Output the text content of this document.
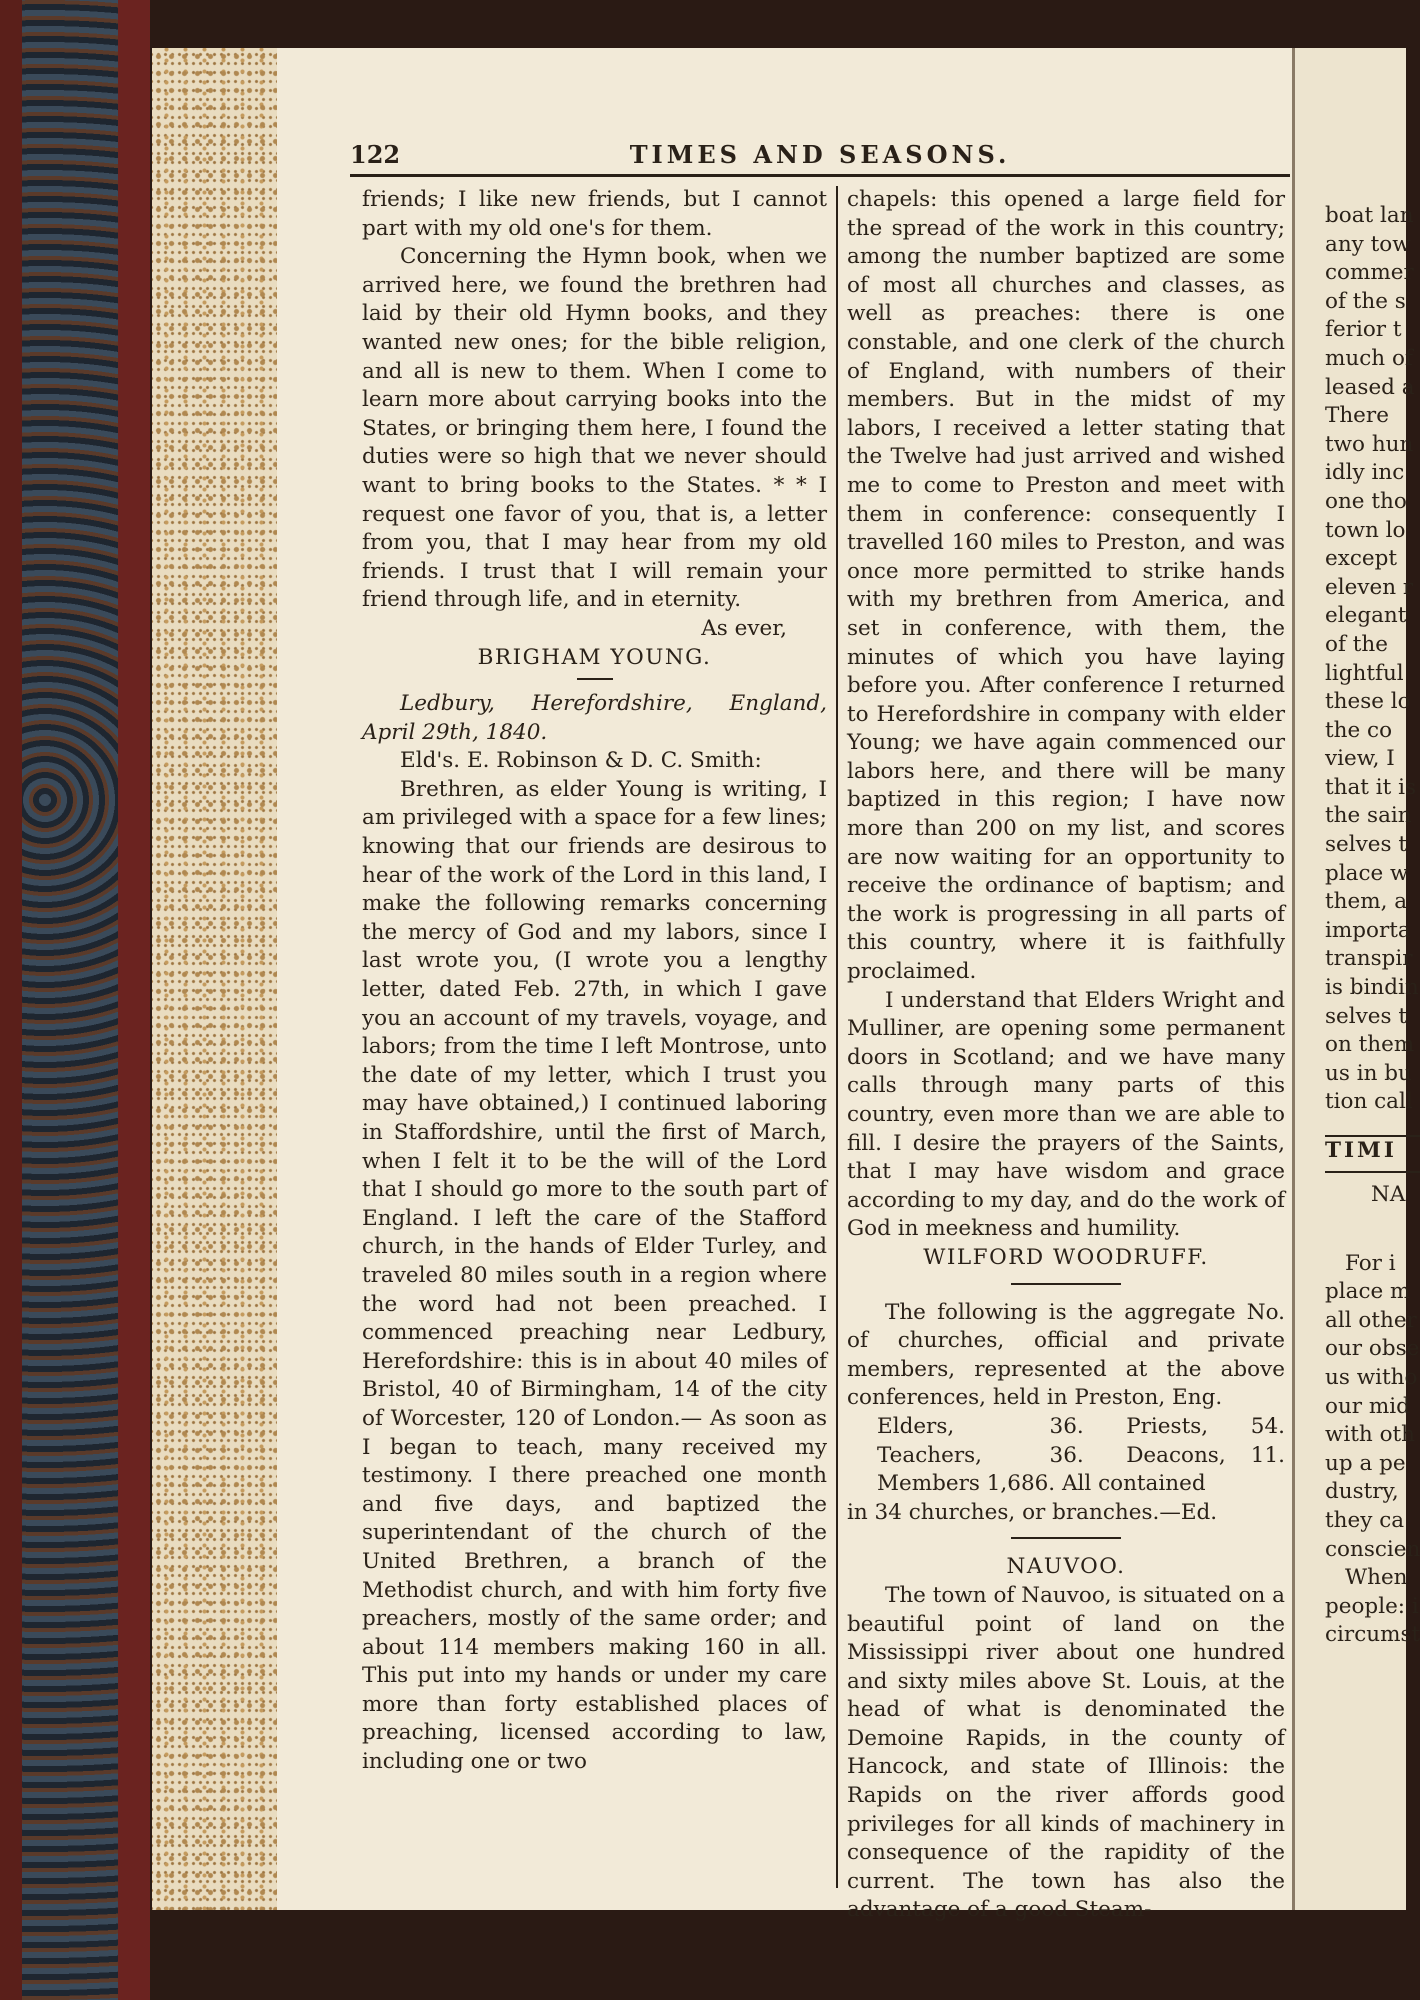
122	TIMES AND SEASONS.

friends; I like new friends, but I cannot part with my old one's for them.

Concerning the Hymn book, when we arrived here, we found the brethren had laid by their old Hymn books, and they wanted new ones; for the bible religion, and all is new to them. When I come to learn more about carrying books into the States, or bringing them here, I found the duties were so high that we never should want to bring books to the States. * * I request one favor of you, that is, a letter from you, that I may hear from my old friends. I trust that I will remain your friend through life, and in eternity.

As ever,

BRIGHAM YOUNG.

Ledbury, Herefordshire, England, April 29th, 1840.

Eld's. E. Robinson & D. C. Smith:

Brethren, as elder Young is writing, I am privileged with a space for a few lines; knowing that our friends are desirous to hear of the work of the Lord in this land, I make the following remarks concerning the mercy of God and my labors, since I last wrote you, (I wrote you a lengthy letter, dated Feb. 27th, in which I gave you an account of my travels, voyage, and labors; from the time I left Montrose, unto the date of my letter, which I trust you may have obtained,) I continued laboring in Staffordshire, until the first of March, when I felt it to be the will of the Lord that I should go more to the south part of England. I left the care of the Stafford church, in the hands of Elder Turley, and traveled 80 miles south in a region where the word had not been preached. I commenced preaching near Ledbury, Herefordshire: this is in about 40 miles of Bristol, 40 of Birmingham, 14 of the city of Worcester, 120 of London.— As soon as I began to teach, many received my testimony. I there preached one month and five days, and baptized the superintendant of the church of the United Brethren, a branch of the Methodist church, and with him forty five preachers, mostly of the same order; and about 114 members making 160 in all. This put into my hands or under my care more than forty established places of preaching, licensed according to law, including one or two

chapels: this opened a large field for the spread of the work in this country; among the number baptized are some of most all churches and classes, as well as preaches: there is one constable, and one clerk of the church of England, with numbers of their members. But in the midst of my labors, I received a letter stating that the Twelve had just arrived and wished me to come to Preston and meet with them in conference: consequently I travelled 160 miles to Preston, and was once more permitted to strike hands with my brethren from America, and set in conference, with them, the minutes of which you have laying before you. After conference I returned to Herefordshire in company with elder Young; we have again commenced our labors here, and there will be many baptized in this region; I have now more than 200 on my list, and scores are now waiting for an opportunity to receive the ordinance of baptism; and the work is progressing in all parts of this country, where it is faithfully proclaimed.

I understand that Elders Wright and Mulliner, are opening some permanent doors in Scotland; and we have many calls through many parts of this country, even more than we are able to fill. I desire the prayers of the Saints, that I may have wisdom and grace according to my day, and do the work of God in meekness and humility.

WILFORD WOODRUFF.

The following is the aggregate No. of churches, official and private members, represented at the above conferences, held in Preston, Eng.

Elders,	36.	Priests,	54.
Teachers,	36.	Deacons,	11.

Members 1,686. All contained

in 34 churches, or branches.—Ed.

NAUVOO.

The town of Nauvoo, is situated on a beautiful point of land on the Mississippi river about one hundred and sixty miles above St. Louis, at the head of what is denominated the Demoine Rapids, in the county of Hancock, and state of Illinois: the Rapids on the river affords good privileges for all kinds of machinery in consequence of the rapidity of the current. The town has also the advantage of a good Steam-

boat lan
any tow
commer
of the s
ferior t
much of
leased a
There
two hun
idly inc
one tho
town lo
except
eleven r
elegant
of the
lightful
these lo
the co
view, I
that it is
the sain
selves t
place w
them, a
importa
transpir
is bindin
selves t
on them
us in bu
tion call
TIMI
NA
For i
place m
all other
our obse
us witho
our mid
with oth
up a pe
dustry,
they ca
conscien
When
people: i
circumst
